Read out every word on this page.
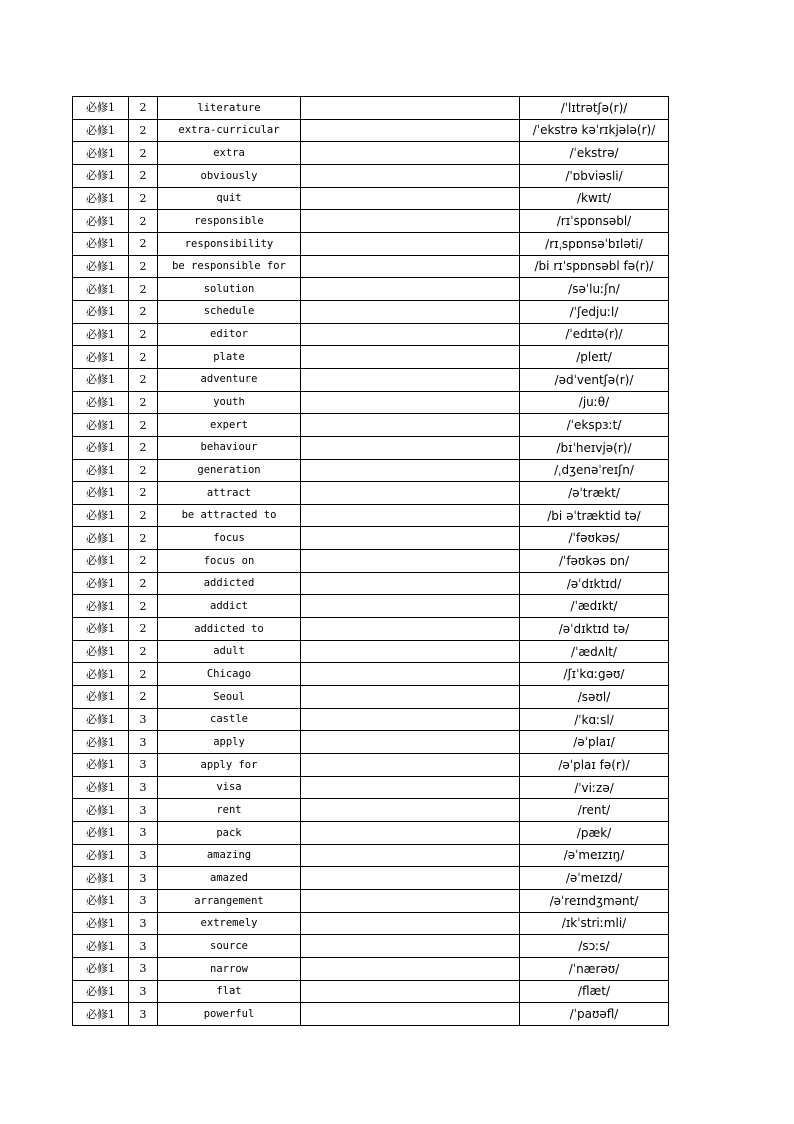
必修1	2	literature		/ˈlɪtrətʃə(r)/
必修1	2	extra-curricular		/ˈekstrə kəˈrɪkjələ(r)/
必修1	2	extra		/ˈekstrə/
必修1	2	obviously		/ˈɒbviəsli/
必修1	2	quit		/kwɪt/
必修1	2	responsible		/rɪˈspɒnsəbl/
必修1	2	responsibility		/rɪˌspɒnsəˈbɪləti/
必修1	2	be responsible for		/bi rɪˈspɒnsəbl fə(r)/
必修1	2	solution		/səˈluːʃn/
必修1	2	schedule		/ˈʃedjuːl/
必修1	2	editor		/ˈedɪtə(r)/
必修1	2	plate		/pleɪt/
必修1	2	adventure		/ədˈventʃə(r)/
必修1	2	youth		/juːθ/
必修1	2	expert		/ˈekspɜːt/
必修1	2	behaviour		/bɪˈheɪvjə(r)/
必修1	2	generation		/ˌdʒenəˈreɪʃn/
必修1	2	attract		/əˈtrækt/
必修1	2	be attracted to		/bi əˈtræktid tə/
必修1	2	focus		/ˈfəʊkəs/
必修1	2	focus on		/ˈfəʊkəs ɒn/
必修1	2	addicted		/əˈdɪktɪd/
必修1	2	addict		/ˈædɪkt/
必修1	2	addicted to		/əˈdɪktɪd tə/
必修1	2	adult		/ˈædʌlt/
必修1	2	Chicago		/ʃɪˈkɑːgəʊ/
必修1	2	Seoul		/səʊl/
必修1	3	castle		/ˈkɑːsl/
必修1	3	apply		/əˈplaɪ/
必修1	3	apply for		/əˈplaɪ fə(r)/
必修1	3	visa		/ˈviːzə/
必修1	3	rent		/rent/
必修1	3	pack		/pæk/
必修1	3	amazing		/əˈmeɪzɪŋ/
必修1	3	amazed		/əˈmeɪzd/
必修1	3	arrangement		/əˈreɪndʒmənt/
必修1	3	extremely		/ɪkˈstriːmli/
必修1	3	source		/sɔːs/
必修1	3	narrow		/ˈnærəʊ/
必修1	3	flat		/flæt/
必修1	3	powerful		/ˈpaʊəfl/
